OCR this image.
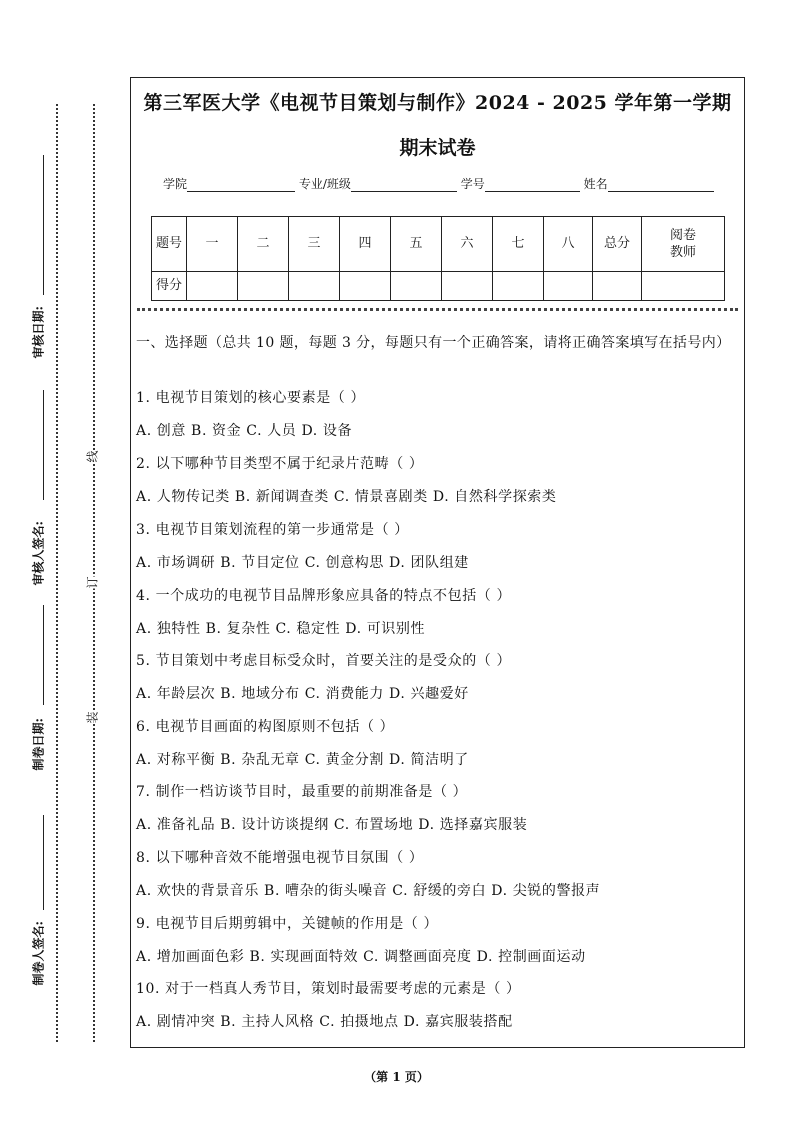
审核日期:
审核人签名:
制卷日期:
制卷人签名:
线
订
装
第三军医大学《电视节目策划与制作》2024 - 2025 学年第一学期
期末试卷
学院	专业/班级	学号	姓名
题号	一	二	三	四	五	六	七	八	总分	阅卷教师
得分										
一、选择题（总共 10 题，每题 3 分，每题只有一个正确答案，请将正确答案填写在括号内）
1. 电视节目策划的核心要素是（ ）
A. 创意 B. 资金 C. 人员 D. 设备
2. 以下哪种节目类型不属于纪录片范畴（ ）
A. 人物传记类 B. 新闻调查类 C. 情景喜剧类 D. 自然科学探索类
3. 电视节目策划流程的第一步通常是（ ）
A. 市场调研 B. 节目定位 C. 创意构思 D. 团队组建
4. 一个成功的电视节目品牌形象应具备的特点不包括（ ）
A. 独特性 B. 复杂性 C. 稳定性 D. 可识别性
5. 节目策划中考虑目标受众时，首要关注的是受众的（ ）
A. 年龄层次 B. 地域分布 C. 消费能力 D. 兴趣爱好
6. 电视节目画面的构图原则不包括（ ）
A. 对称平衡 B. 杂乱无章 C. 黄金分割 D. 简洁明了
7. 制作一档访谈节目时，最重要的前期准备是（ ）
A. 准备礼品 B. 设计访谈提纲 C. 布置场地 D. 选择嘉宾服装
8. 以下哪种音效不能增强电视节目氛围（ ）
A. 欢快的背景音乐 B. 嘈杂的街头噪音 C. 舒缓的旁白 D. 尖锐的警报声
9. 电视节目后期剪辑中，关键帧的作用是（ ）
A. 增加画面色彩 B. 实现画面特效 C. 调整画面亮度 D. 控制画面运动
10. 对于一档真人秀节目，策划时最需要考虑的元素是（ ）
A. 剧情冲突 B. 主持人风格 C. 拍摄地点 D. 嘉宾服装搭配
（第 1 页）
